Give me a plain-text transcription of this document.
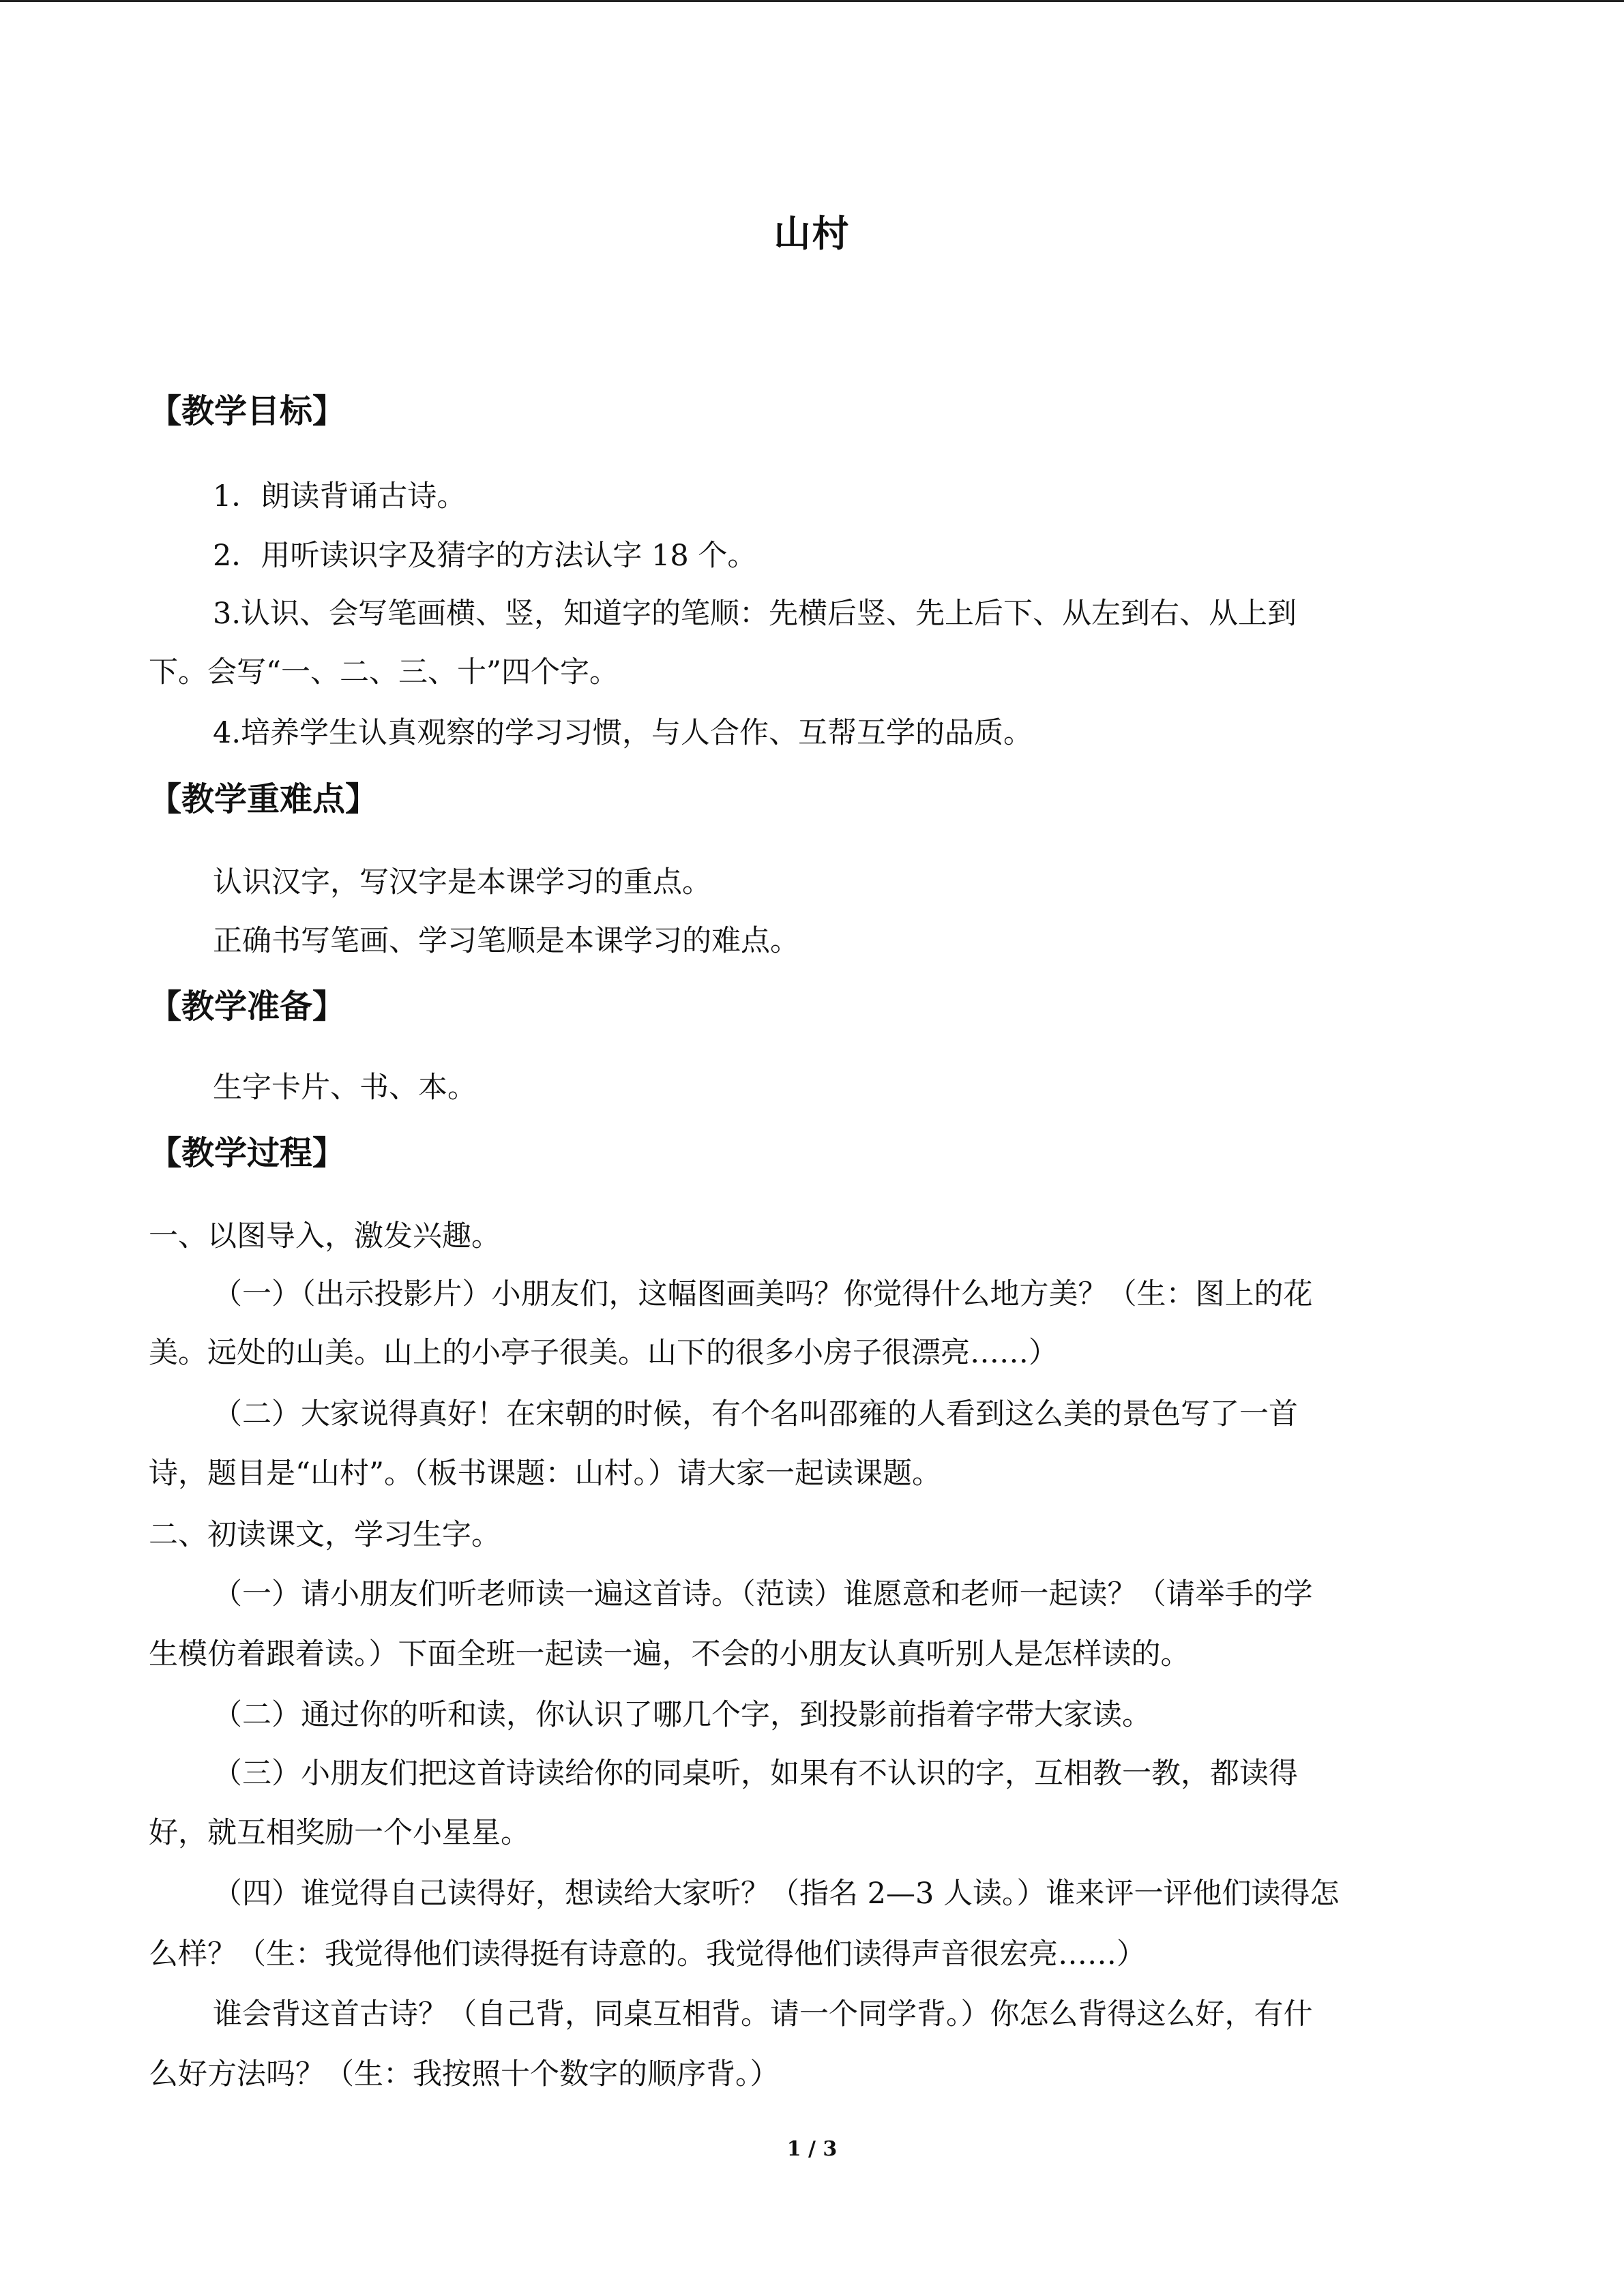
山村
【教学目标】
1．朗读背诵古诗。
2．用听读识字及猜字的方法认字 18 个。
3.认识、会写笔画横、竖，知道字的笔顺：先横后竖、先上后下、从左到右、从上到
下。会写“一、二、三、十”四个字。
4.培养学生认真观察的学习习惯，与人合作、互帮互学的品质。
【教学重难点】
认识汉字，写汉字是本课学习的重点。
正确书写笔画、学习笔顺是本课学习的难点。
【教学准备】
生字卡片、书、本。
【教学过程】
一、以图导入，激发兴趣。
（一）（出示投影片）小朋友们，这幅图画美吗？你觉得什么地方美？（生：图上的花
美。远处的山美。山上的小亭子很美。山下的很多小房子很漂亮……）
（二）大家说得真好！在宋朝的时候，有个名叫邵雍的人看到这么美的景色写了一首
诗，题目是“山村”。（板书课题：山村。）请大家一起读课题。
二、初读课文，学习生字。
（一）请小朋友们听老师读一遍这首诗。（范读）谁愿意和老师一起读？（请举手的学
生模仿着跟着读。）下面全班一起读一遍，不会的小朋友认真听别人是怎样读的。
（二）通过你的听和读，你认识了哪几个字，到投影前指着字带大家读。
（三）小朋友们把这首诗读给你的同桌听，如果有不认识的字，互相教一教，都读得
好，就互相奖励一个小星星。
（四）谁觉得自己读得好，想读给大家听？（指名 2—3 人读。）谁来评一评他们读得怎
么样？（生：我觉得他们读得挺有诗意的。我觉得他们读得声音很宏亮……）
谁会背这首古诗？（自己背，同桌互相背。请一个同学背。）你怎么背得这么好，有什
么好方法吗？（生：我按照十个数字的顺序背。）
1 / 3
